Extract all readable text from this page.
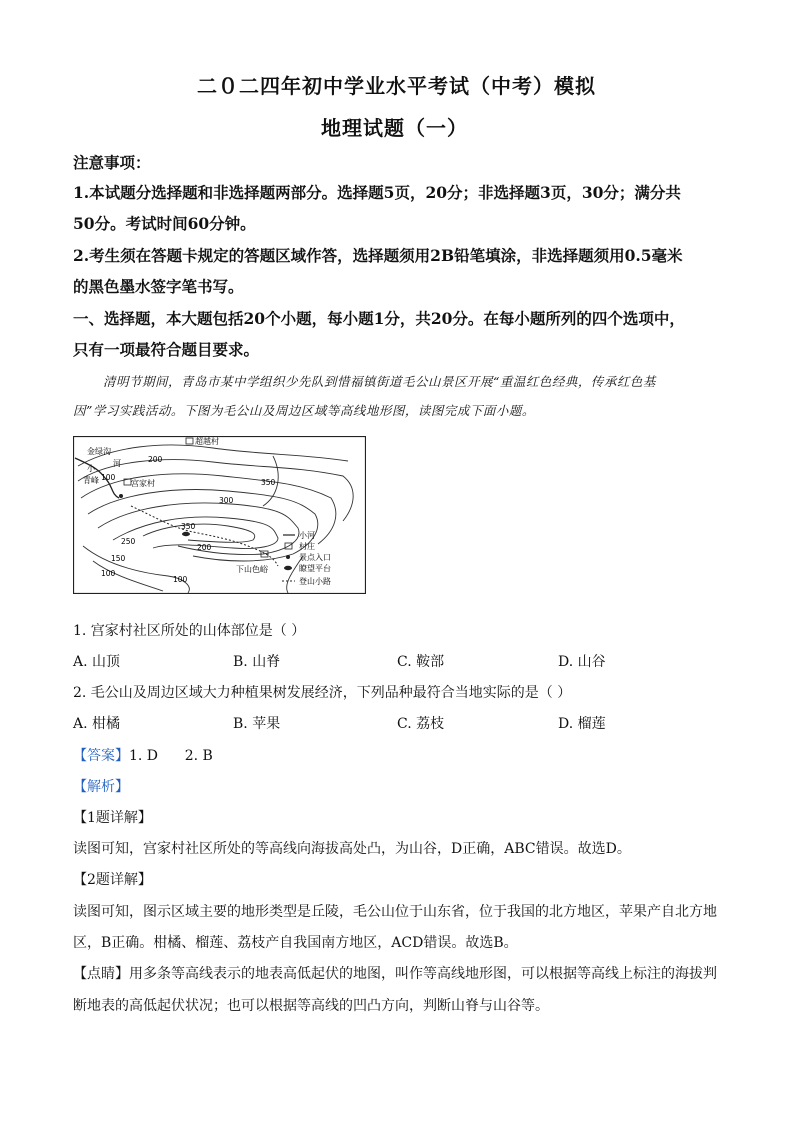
二０二四年初中学业水平考试（中考）模拟
地理试题（一）
注意事项：
1.本试题分选择题和非选择题两部分。选择题5页，20分；非选择题3页，30分；满分共
50分。考试时间60分钟。
2.考生须在答题卡规定的答题区域作答，选择题须用2B铅笔填涂，非选择题须用0.5毫米
的黑色墨水签字笔书写。
一、选择题，本大题包括20个小题，每小题1分，共20分。在每小题所列的四个选项中，
只有一项最符合题目要求。
清明节期间，青岛市某中学组织少先队到惜福镇街道毛公山景区开展“重温红色经典，传承红色基
因”学习实践活动。下图为毛公山及周边区域等高线地形图，读图完成下面小题。
金绿沟
小
河
青峰	宫家村
超越村
下山色峪
200
100
350
300
350
250
200
150
100
100
小河
村庄
景点入口
瞭望平台
登山小路
1. 宫家村社区所处的山体部位是（ ）
A. 山顶	B. 山脊	C. 鞍部	D. 山谷
2. 毛公山及周边区域大力种植果树发展经济，下列品种最符合当地实际的是（ ）
A. 柑橘	B. 苹果	C. 荔枝	D. 榴莲
【答案】1. D      2. B
【解析】
【1题详解】
读图可知，宫家村社区所处的等高线向海拔高处凸，为山谷，D正确，ABC错误。故选D。
【2题详解】
读图可知，图示区域主要的地形类型是丘陵，毛公山位于山东省，位于我国的北方地区，苹果产自北方地
区，B正确。柑橘、榴莲、荔枝产自我国南方地区，ACD错误。故选B。
【点睛】用多条等高线表示的地表高低起伏的地图，叫作等高线地形图，可以根据等高线上标注的海拔判
断地表的高低起伏状况；也可以根据等高线的凹凸方向，判断山脊与山谷等。
